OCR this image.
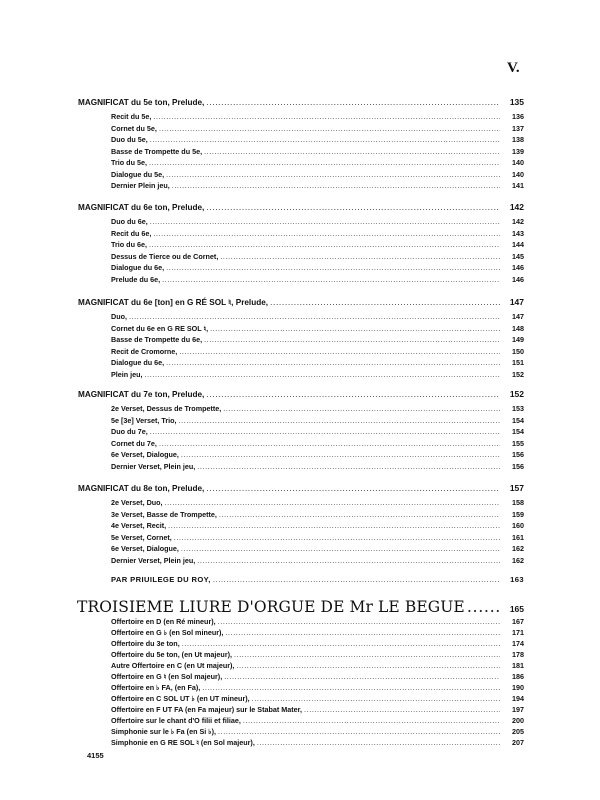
V.
MAGNIFICAT du 5e ton, Prelude, .....	135
Recit du 5e, .....	136
Cornet du 5e, .....	137
Duo du 5e, .....	138
Basse de Trompette du 5e, .....	139
Trio du 5e, .....	140
Dialogue du 5e, .....	140
Dernier Plein jeu, .....	141
MAGNIFICAT du 6e ton, Prelude, .....	142
Duo du 6e, .....	142
Recit du 6e, .....	143
Trio du 6e, .....	144
Dessus de Tierce ou de Cornet, .....	145
Dialogue du 6e, .....	146
Prelude du 6e, .....	146
MAGNIFICAT du 6e [ton] en G RÉ SOL ♮, Prelude, .....	147
Duo, .....	147
Cornet du 6e en G RE SOL ♮, .....	148
Basse de Trompette du 6e, .....	149
Recit de Cromorne, .....	150
Dialogue du 6e, .....	151
Plein jeu, .....	152
MAGNIFICAT du 7e ton, Prelude, .....	152
2e Verset, Dessus de Trompette, .....	153
5e [3e] Verset, Trio, .....	154
Duo du 7e, .....	154
Cornet du 7e, .....	155
6e Verset, Dialogue, .....	156
Dernier Verset, Plein jeu, .....	156
MAGNIFICAT du 8e ton, Prelude, .....	157
2e Verset, Duo, .....	158
3e Verset, Basse de Trompette, .....	159
4e Verset, Recit, .....	160
5e Verset, Cornet, .....	161
6e Verset, Dialogue, .....	162
Dernier Verset, Plein jeu, .....	162
PAR PRIUILEGE DU ROY, .....	163
TROISIEME LIURE D'ORGUE DE Mr LE BEGUE .....	165
Offertoire en D (en Ré mineur), .....	167
Offertoire en G ♭ (en Sol mineur), .....	171
Offertoire du 3e ton, .....	174
Offertoire du 5e ton, (en Ut majeur), .....	178
Autre Offertoire en C (en Ut majeur), .....	181
Offertoire en G ♮ (en Sol majeur), .....	186
Offertoire en ♭ FA, (en Fa), .....	190
Offertoire en C SOL UT ♭ (en UT mineur), .....	194
Offertoire en F UT FA (en Fa majeur) sur le Stabat Mater, .....	197
Offertoire sur le chant d'O filii et filiae, .....	200
Simphonie sur le ♭ Fa (en Si ♭), .....	205
Simphonie en G RE SOL ♮ (en Sol majeur), .....	207
4155
